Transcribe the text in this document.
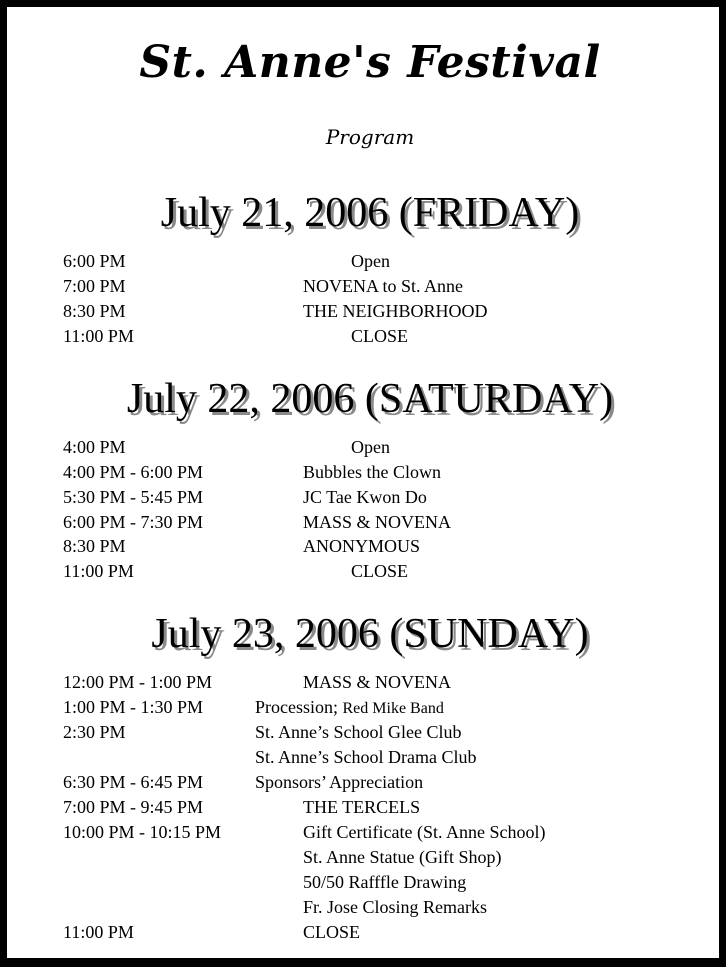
St. Anne's Festival
Program
July 21, 2006 (FRIDAY)
6:00 PM	Open
7:00 PM	NOVENA to St. Anne
8:30 PM	THE NEIGHBORHOOD
11:00 PM	CLOSE
July 22, 2006 (SATURDAY)
4:00 PM	Open
4:00 PM - 6:00 PM	Bubbles the Clown
5:30 PM - 5:45 PM	JC Tae Kwon Do
6:00 PM - 7:30 PM	MASS & NOVENA
8:30 PM	ANONYMOUS
11:00 PM	CLOSE
July 23, 2006 (SUNDAY)
12:00 PM - 1:00 PM	MASS & NOVENA
1:00 PM - 1:30 PM	Procession; Red Mike Band
2:30 PM	St. Anne’s School Glee Club
St. Anne’s School Drama Club
6:30 PM - 6:45 PM	Sponsors’ Appreciation
7:00 PM - 9:45 PM	THE TERCELS
10:00 PM - 10:15 PM	Gift Certificate (St. Anne School)
St. Anne Statue (Gift Shop)
50/50 Rafffle Drawing
Fr. Jose Closing Remarks
11:00 PM	CLOSE
